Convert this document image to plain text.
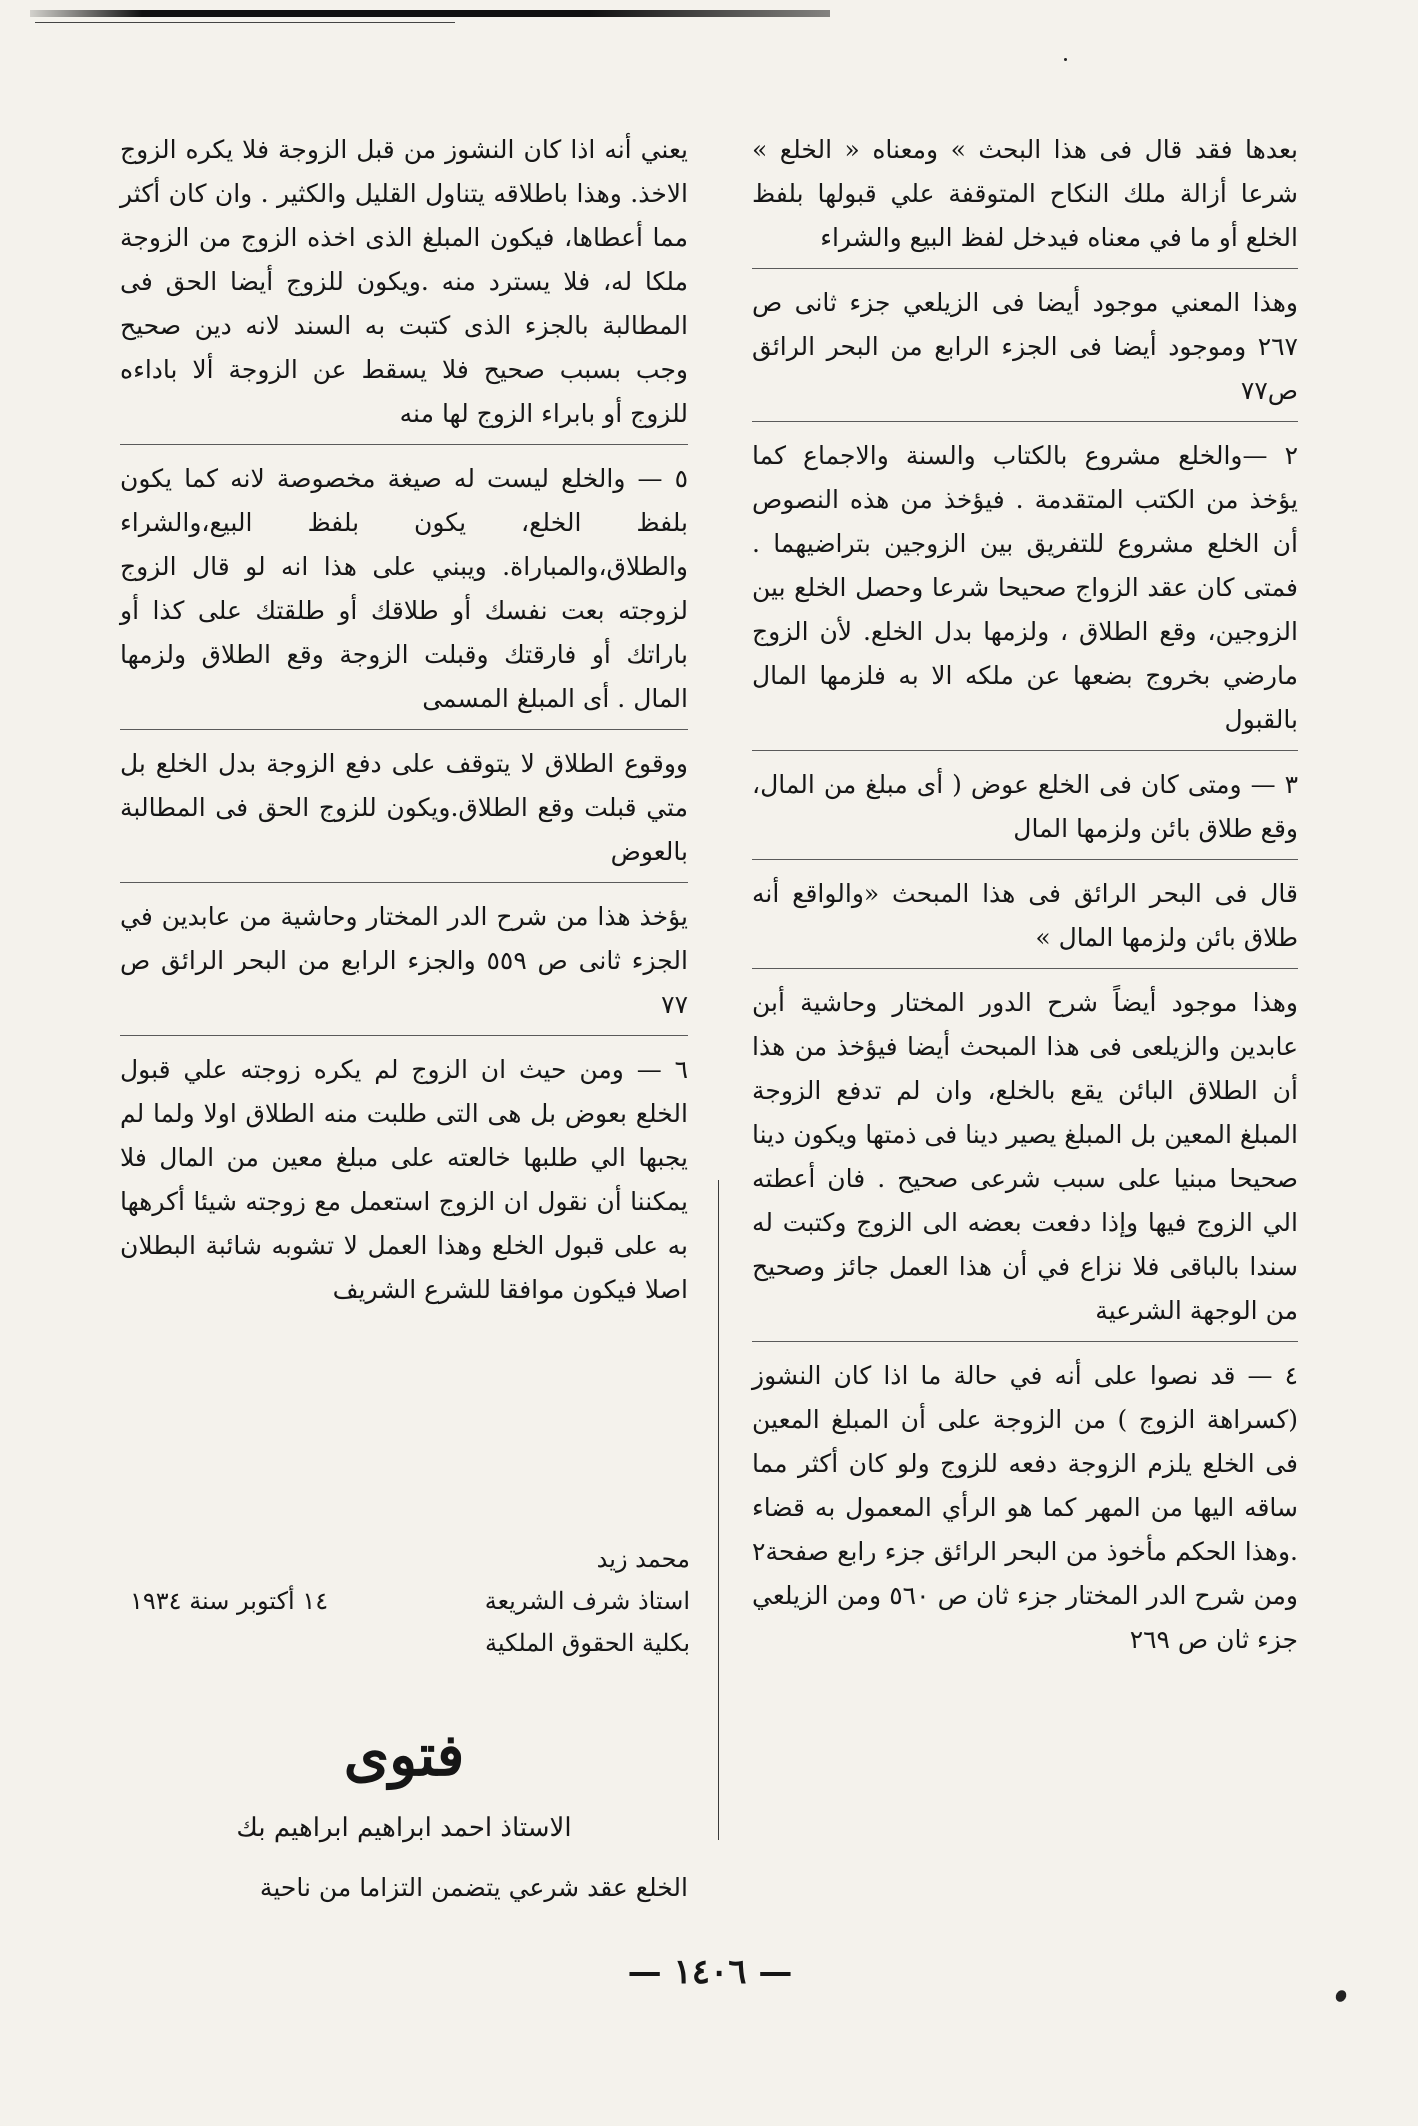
بعدها فقد قال فى هذا البحث » ومعناه « الخلع » شرعا أزالة ملك النكاح المتوقفة علي قبولها بلفظ الخلع أو ما في معناه فيدخل لفظ البيع والشراء

وهذا المعني موجود أيضا فى الزيلعي جزء ثانى ص ٢٦٧ وموجود أيضا فى الجزء الرابع من البحر الرائق ص٧٧

٢ —والخلع مشروع بالكتاب والسنة والاجماع كما يؤخذ من الكتب المتقدمة . فيؤخذ من هذه النصوص أن الخلع مشروع للتفريق بين الزوجين بتراضيهما . فمتى كان عقد الزواج صحيحا شرعا وحصل الخلع بين الزوجين، وقع الطلاق ، ولزمها بدل الخلع. لأن الزوج مارضي بخروج بضعها عن ملكه الا به فلزمها المال بالقبول

٣ — ومتى كان فى الخلع عوض ( أى مبلغ من المال، وقع طلاق بائن ولزمها المال

قال فى البحر الرائق فى هذا المبحث «والواقع أنه طلاق بائن ولزمها المال »

وهذا موجود أيضاً شرح الدور المختار وحاشية أبن عابدين والزيلعى فى هذا المبحث أيضا فيؤخذ من هذا أن الطلاق البائن يقع بالخلع، وان لم تدفع الزوجة المبلغ المعين بل المبلغ يصير دينا فى ذمتها ويكون دينا صحيحا مبنيا على سبب شرعى صحيح . فان أعطته الي الزوج فيها وإذا دفعت بعضه الى الزوج وكتبت له سندا بالباقى فلا نزاع في أن هذا العمل جائز وصحيح من الوجهة الشرعية

٤ — قد نصوا على أنه في حالة ما اذا كان النشوز (كسراهة الزوج ) من الزوجة على أن المبلغ المعين فى الخلع يلزم الزوجة دفعه للزوج ولو كان أكثر مما ساقه اليها من المهر كما هو الرأي المعمول به قضاء .وهذا الحكم مأخوذ من البحر الرائق جزء رابع صفحة٢ ومن شرح الدر المختار جزء ثان ص ٥٦٠ ومن الزيلعي جزء ثان ص ٢٦٩

يعني أنه اذا كان النشوز من قبل الزوجة فلا يكره الزوج الاخذ. وهذا باطلاقه يتناول القليل والكثير . وان كان أكثر مما أعطاها، فيكون المبلغ الذى اخذه الزوج من الزوجة ملكا له، فلا يسترد منه .ويكون للزوج أيضا الحق فى المطالبة بالجزء الذى كتبت به السند لانه دين صحيح وجب بسبب صحيح فلا يسقط عن الزوجة ألا باداءه للزوج أو بابراء الزوج لها منه

٥ — والخلع ليست له صيغة مخصوصة لانه كما يكون بلفظ الخلع، يكون بلفظ البيع،والشراء والطلاق،والمباراة. ويبني على هذا انه لو قال الزوج لزوجته بعت نفسك أو طلاقك أو طلقتك على كذا أو باراتك أو فارقتك وقبلت الزوجة وقع الطلاق ولزمها المال . أى المبلغ المسمى

ووقوع الطلاق لا يتوقف على دفع الزوجة بدل الخلع بل متي قبلت وقع الطلاق.ويكون للزوج الحق فى المطالبة بالعوض

يؤخذ هذا من شرح الدر المختار وحاشية من عابدين في الجزء ثانى ص ٥٥٩ والجزء الرابع من البحر الرائق ص ٧٧

٦ — ومن حيث ان الزوج لم يكره زوجته علي قبول الخلع بعوض بل هى التى طلبت منه الطلاق اولا ولما لم يجبها الي طلبها خالعته على مبلغ معين من المال فلا يمكننا أن نقول ان الزوج استعمل مع زوجته شيئا أكرهها به على قبول الخلع وهذا العمل لا تشوبه شائبة البطلان اصلا فيكون موافقا للشرع الشريف

محمد زيد
استاذ شرف الشريعة
١٤ أكتوبر سنة ١٩٣٤
بكلية الحقوق الملكية
فتوى
الاستاذ احمد ابراهيم ابراهيم بك
الخلع عقد شرعي يتضمن التزاما من ناحية
— ١٤٠٦ —
